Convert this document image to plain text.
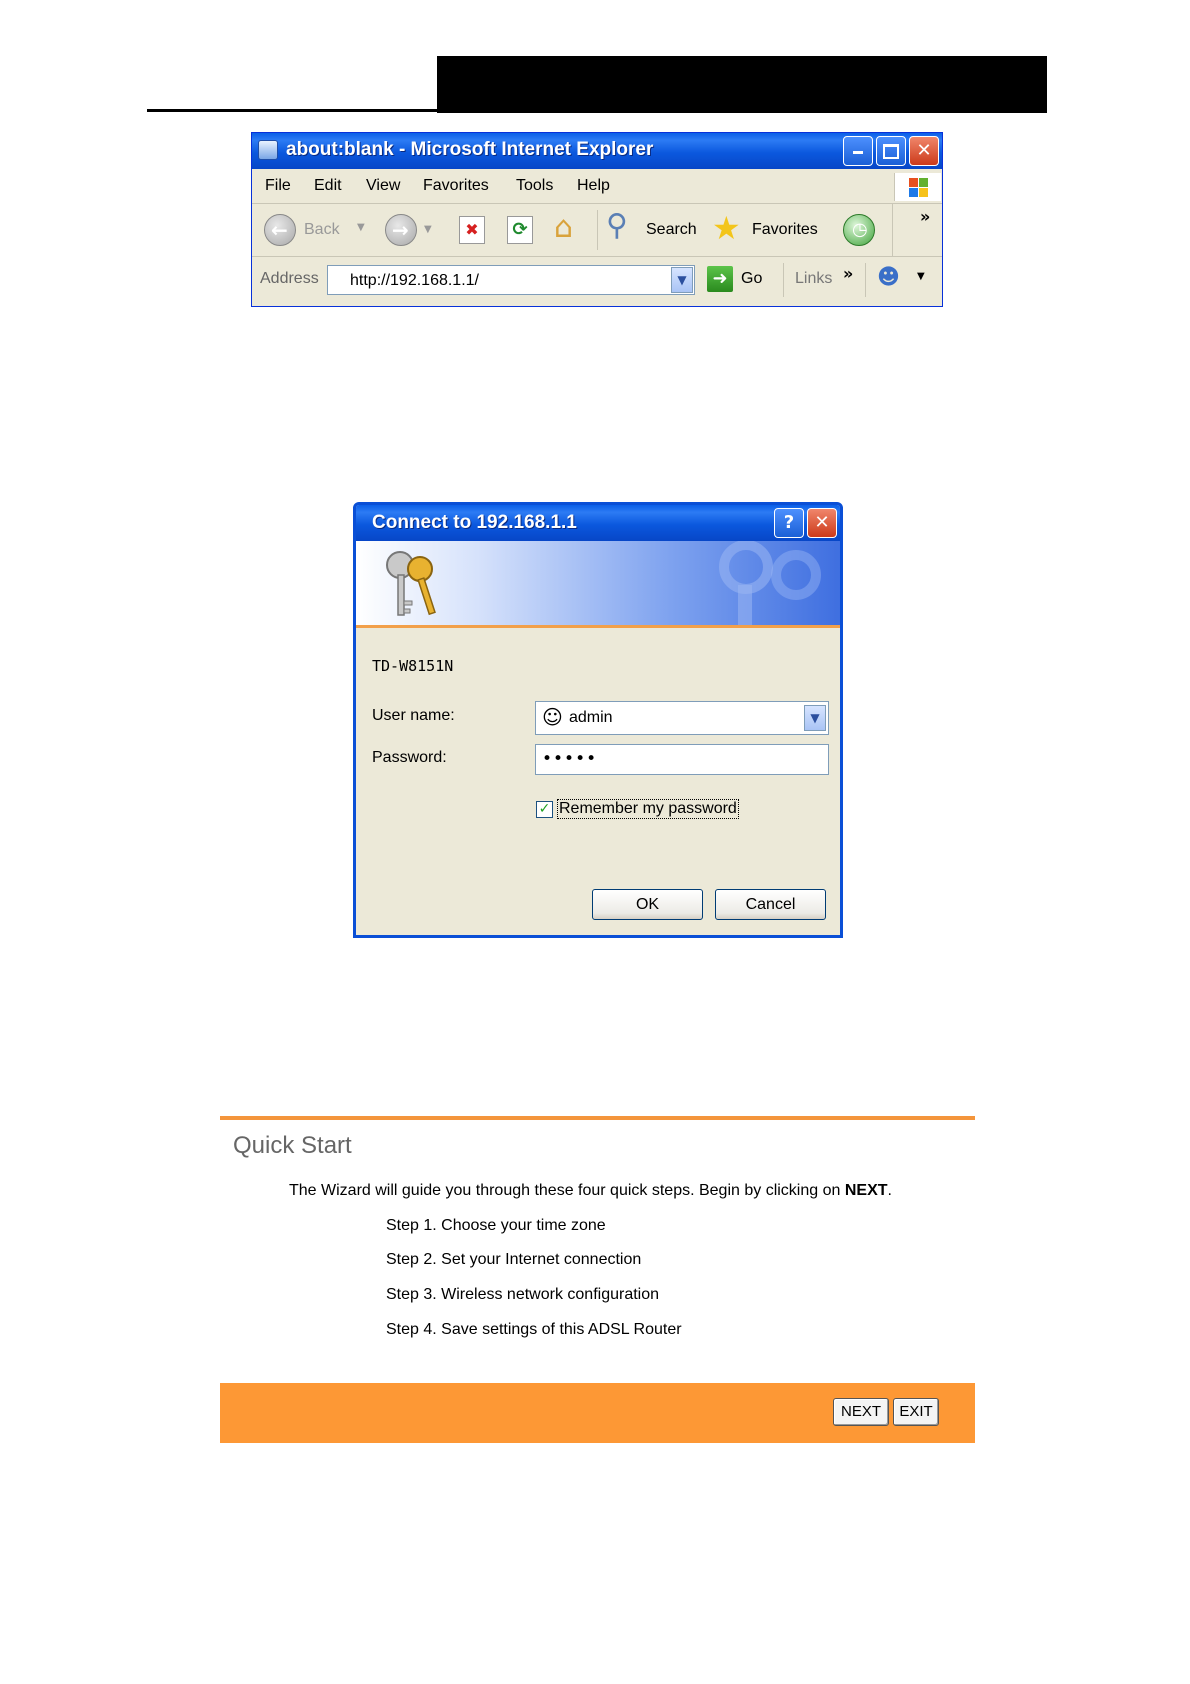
about:blank - Microsoft Internet Explorer	✕
File Edit View Favorites Tools Help
← Back ▼ → ▼	✖	⟳ ⌂ ⚲ Search ★ Favorites ◷
»
Address http://192.168.1.1/	▼	➜ Go Links » ☻ ▼
Connect to 192.168.1.1	?	✕
TD-W8151N
User name:	☺ admin	▼
Password:	•••••
✓ Remember my password
OK	Cancel
Quick Start
The Wizard will guide you through these four quick steps. Begin by clicking on NEXT.
Step 1. Choose your time zone
Step 2. Set your Internet connection
Step 3. Wireless network configuration
Step 4. Save settings of this ADSL Router
NEXT	EXIT
